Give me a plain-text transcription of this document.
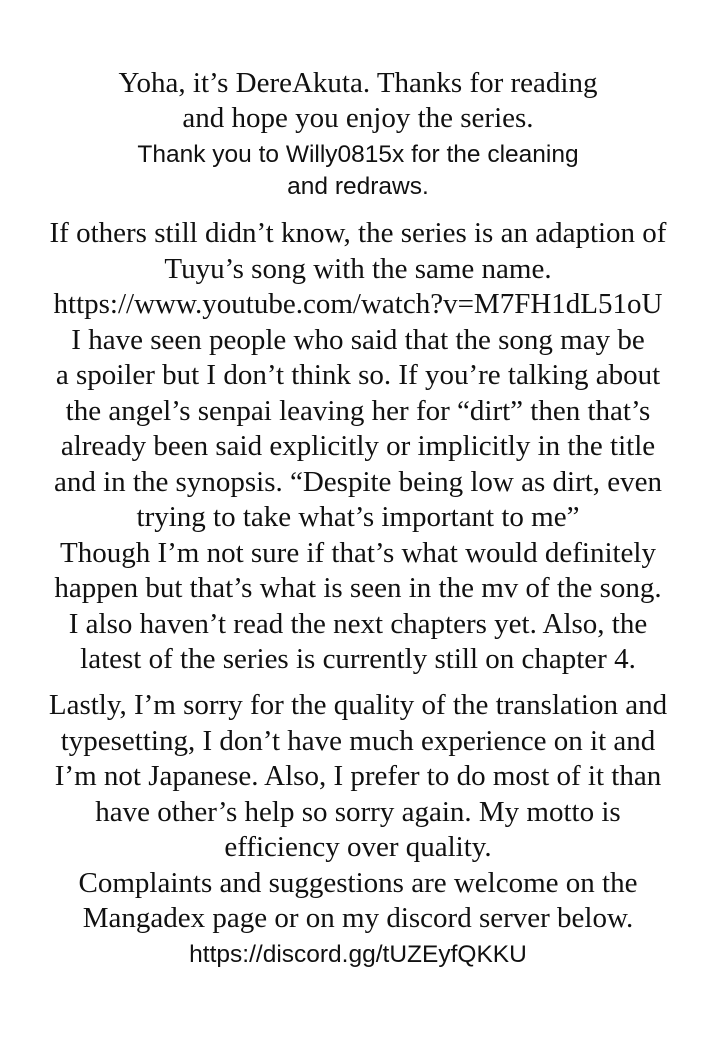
Yoha, it’s DereAkuta. Thanks for reading
and hope you enjoy the series.
Thank you to Willy0815x for the cleaning
and redraws.
If others still didn’t know, the series is an adaption of
Tuyu’s song with the same name.
https://www.youtube.com/watch?v=M7FH1dL51oU
I have seen people who said that the song may be
a spoiler but I don’t think so. If you’re talking about
the angel’s senpai leaving her for “dirt” then that’s
already been said explicitly or implicitly in the title
and in the synopsis. “Despite being low as dirt, even
trying to take what’s important to me”
Though I’m not sure if that’s what would definitely
happen but that’s what is seen in the mv of the song.
I also haven’t read the next chapters yet. Also, the
latest of the series is currently still on chapter 4.
Lastly, I’m sorry for the quality of the translation and
typesetting, I don’t have much experience on it and
I’m not Japanese. Also, I prefer to do most of it than
have other’s help so sorry again. My motto is
efficiency over quality.
Complaints and suggestions are welcome on the
Mangadex page or on my discord server below.
https://discord.gg/tUZEyfQKKU
